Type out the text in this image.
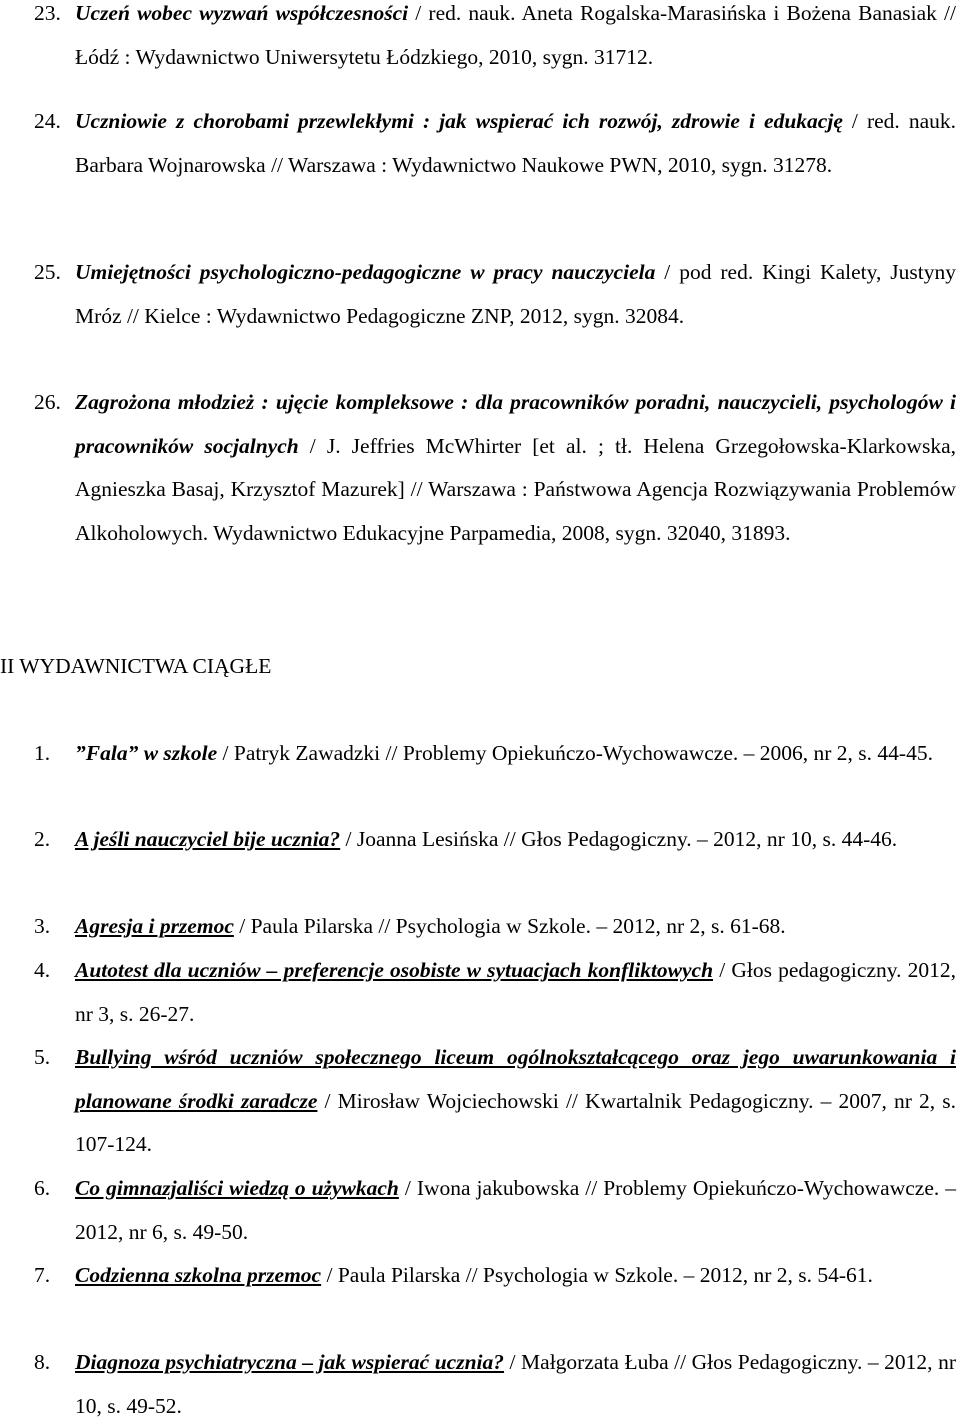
23. Uczeń wobec wyzwań współczesności / red. nauk. Aneta Rogalska-Marasińska i Bożena Banasiak // Łódź : Wydawnictwo Uniwersytetu Łódzkiego, 2010, sygn. 31712.
24. Uczniowie z chorobami przewlekłymi : jak wspierać ich rozwój, zdrowie i edukację / red. nauk. Barbara Wojnarowska // Warszawa : Wydawnictwo Naukowe PWN, 2010, sygn. 31278.
25. Umiejętności psychologiczno-pedagogiczne w pracy nauczyciela / pod red. Kingi Kalety, Justyny Mróz // Kielce : Wydawnictwo Pedagogiczne ZNP, 2012, sygn. 32084.
26. Zagrożona młodzież : ujęcie kompleksowe : dla pracowników poradni, nauczycieli, psychologów i pracowników socjalnych / J. Jeffries McWhirter [et al. ; tł. Helena Grzegołowska-Klarkowska, Agnieszka Basaj, Krzysztof Mazurek] // Warszawa : Państwowa Agencja Rozwiązywania Problemów Alkoholowych. Wydawnictwo Edukacyjne Parpamedia, 2008, sygn. 32040, 31893.
II WYDAWNICTWA CIĄGŁE
1. ”Fala” w szkole / Patryk Zawadzki // Problemy Opiekuńczo-Wychowawcze. – 2006, nr 2, s. 44-45.
2. A jeśli nauczyciel bije ucznia? / Joanna Lesińska // Głos Pedagogiczny. – 2012, nr 10, s. 44-46.
3. Agresja i przemoc / Paula Pilarska // Psychologia w Szkole. – 2012, nr 2, s. 61-68.
4. Autotest dla uczniów – preferencje osobiste w sytuacjach konfliktowych / Głos pedagogiczny. 2012, nr 3, s. 26-27.
5. Bullying wśród uczniów społecznego liceum ogólnokształcącego oraz jego uwarunkowania i planowane środki zaradcze / Mirosław Wojciechowski // Kwartalnik Pedagogiczny. – 2007, nr 2, s. 107-124.
6. Co gimnazjaliści wiedzą o używkach / Iwona jakubowska // Problemy Opiekuńczo-Wychowawcze. – 2012, nr 6, s. 49-50.
7. Codzienna szkolna przemoc / Paula Pilarska // Psychologia w Szkole. – 2012, nr 2, s. 54-61.
8. Diagnoza psychiatryczna – jak wspierać ucznia? / Małgorzata Łuba // Głos Pedagogiczny. – 2012, nr 10, s. 49-52.
